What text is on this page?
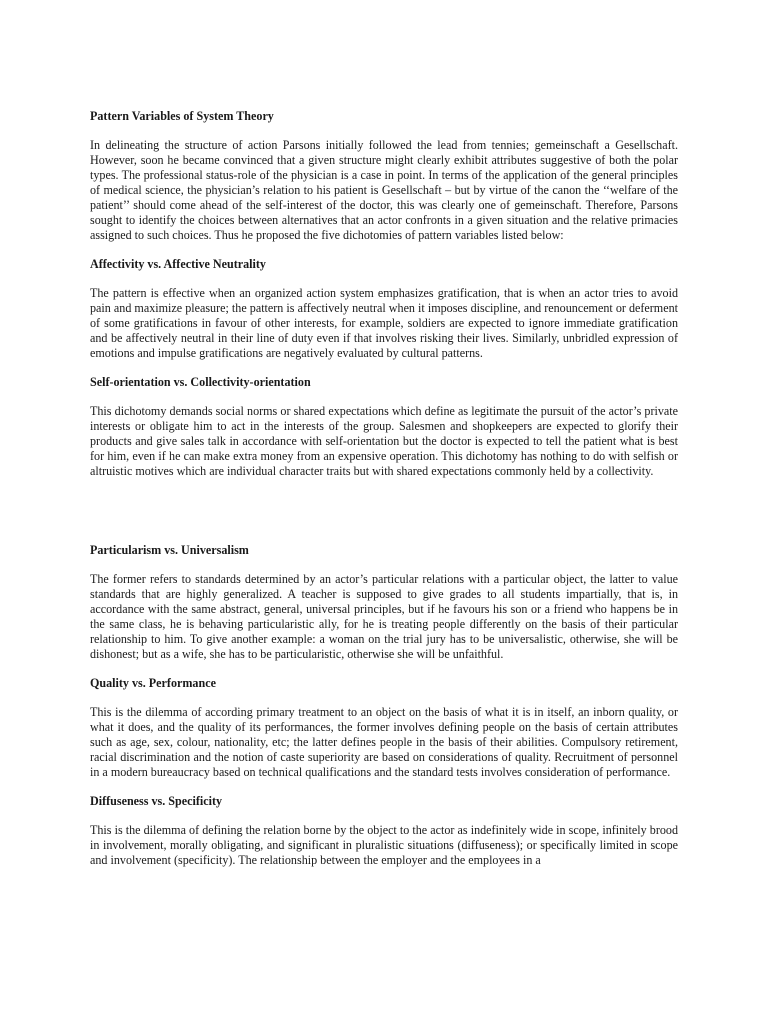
Pattern Variables of System Theory

In delineating the structure of action Parsons initially followed the lead from tennies; gemeinschaft a Gesellschaft. However, soon he became convinced that a given structure might clearly exhibit attributes suggestive of both the polar types. The professional status-role of the physician is a case in point. In terms of the application of the general principles of medical science, the physician’s relation to his patient is Gesellschaft – but by virtue of the canon the ‘‘welfare of the patient’’ should come ahead of the self-interest of the doctor, this was clearly one of gemeinschaft. Therefore, Parsons sought to identify the choices between alternatives that an actor confronts in a given situation and the relative primacies assigned to such choices. Thus he proposed the five dichotomies of pattern variables listed below:

Affectivity vs. Affective Neutrality

The pattern is effective when an organized action system emphasizes gratification, that is when an actor tries to avoid pain and maximize pleasure; the pattern is affectively neutral when it imposes discipline, and renouncement or deferment of some gratifications in favour of other interests, for example, soldiers are expected to ignore immediate gratification and be affectively neutral in their line of duty even if that involves risking their lives. Similarly, unbridled expression of emotions and impulse gratifications are negatively evaluated by cultural patterns.

Self-orientation vs. Collectivity-orientation

This dichotomy demands social norms or shared expectations which define as legitimate the pursuit of the actor’s private interests or obligate him to act in the interests of the group. Salesmen and shopkeepers are expected to glorify their products and give sales talk in accordance with self-orientation but the doctor is expected to tell the patient what is best for him, even if he can make extra money from an expensive operation. This dichotomy has nothing to do with selfish or altruistic motives which are individual character traits but with shared expectations commonly held by a collectivity.

Particularism vs. Universalism

The former refers to standards determined by an actor’s particular relations with a particular object, the latter to value standards that are highly generalized. A teacher is supposed to give grades to all students impartially, that is, in accordance with the same abstract, general, universal principles, but if he favours his son or a friend who happens be in the same class, he is behaving particularistic ally, for he is treating people differently on the basis of their particular relationship to him. To give another example: a woman on the trial jury has to be universalistic, otherwise, she will be dishonest; but as a wife, she has to be particularistic, otherwise she will be unfaithful.

Quality vs. Performance

This is the dilemma of according primary treatment to an object on the basis of what it is in itself, an inborn quality, or what it does, and the quality of its performances, the former involves defining people on the basis of certain attributes such as age, sex, colour, nationality, etc; the latter defines people in the basis of their abilities. Compulsory retirement, racial discrimination and the notion of caste superiority are based on considerations of quality. Recruitment of personnel in a modern bureaucracy based on technical qualifications and the standard tests involves consideration of performance.

Diffuseness vs. Specificity

This is the dilemma of defining the relation borne by the object to the actor as indefinitely wide in scope, infinitely brood in involvement, morally obligating, and significant in pluralistic situations (diffuseness); or specifically limited in scope and involvement (specificity). The relationship between the employer and the employees in a
